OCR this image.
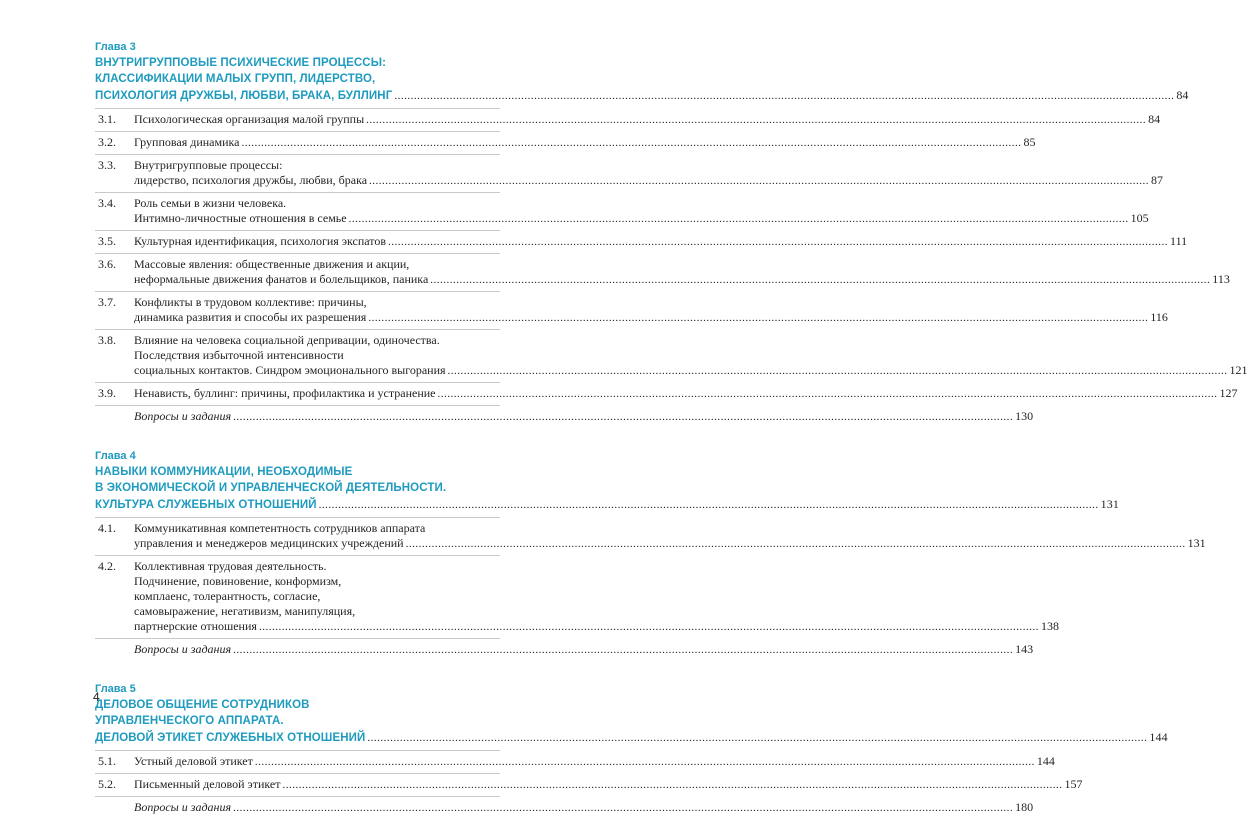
Глава 3
ВНУТРИГРУППОВЫЕ ПСИХИЧЕСКИЕ ПРОЦЕССЫ:
КЛАССИФИКАЦИИ МАЛЫХ ГРУПП, ЛИДЕРСТВО,
ПСИХОЛОГИЯ ДРУЖБЫ, ЛЮБВИ, БРАКА, БУЛЛИНГ .....	84
3.1.	Психологическая организация малой группы .....	84
3.2.	Групповая динамика .....	85
3.3.	Внутригрупповые процессы:
лидерство, психология дружбы, любви, брака .....	87
3.4.	Роль семьи в жизни человека.
Интимно-личностные отношения в семье .....	105
3.5.	Культурная идентификация, психология экспатов .....	111
3.6.	Массовые явления: общественные движения и акции,
неформальные движения фанатов и болельщиков, паника .....	113
3.7.	Конфликты в трудовом коллективе: причины,
динамика развития и способы их разрешения .....	116
3.8.	Влияние на человека социальной депривации, одиночества.
Последствия избыточной интенсивности
социальных контактов. Синдром эмоционального выгорания .....	121
3.9.	Ненависть, буллинг: причины, профилактика и устранение .....	127
Вопросы и задания .....	130
Глава 4
НАВЫКИ КОММУНИКАЦИИ, НЕОБХОДИМЫЕ
В ЭКОНОМИЧЕСКОЙ И УПРАВЛЕНЧЕСКОЙ ДЕЯТЕЛЬНОСТИ.
КУЛЬТУРА СЛУЖЕБНЫХ ОТНОШЕНИЙ .....	131
4.1.	Коммуникативная компетентность сотрудников аппарата
управления и менеджеров медицинских учреждений .....	131
4.2.	Коллективная трудовая деятельность.
Подчинение, повиновение, конформизм,
комплаенс, толерантность, согласие,
самовыражение, негативизм, манипуляция,
партнерские отношения .....	138
Вопросы и задания .....	143
Глава 5
ДЕЛОВОЕ ОБЩЕНИЕ СОТРУДНИКОВ
УПРАВЛЕНЧЕСКОГО АППАРАТА.
ДЕЛОВОЙ ЭТИКЕТ СЛУЖЕБНЫХ ОТНОШЕНИЙ .....	144
5.1.	Устный деловой этикет .....	144
5.2.	Письменный деловой этикет .....	157
Вопросы и задания .....	180
4
